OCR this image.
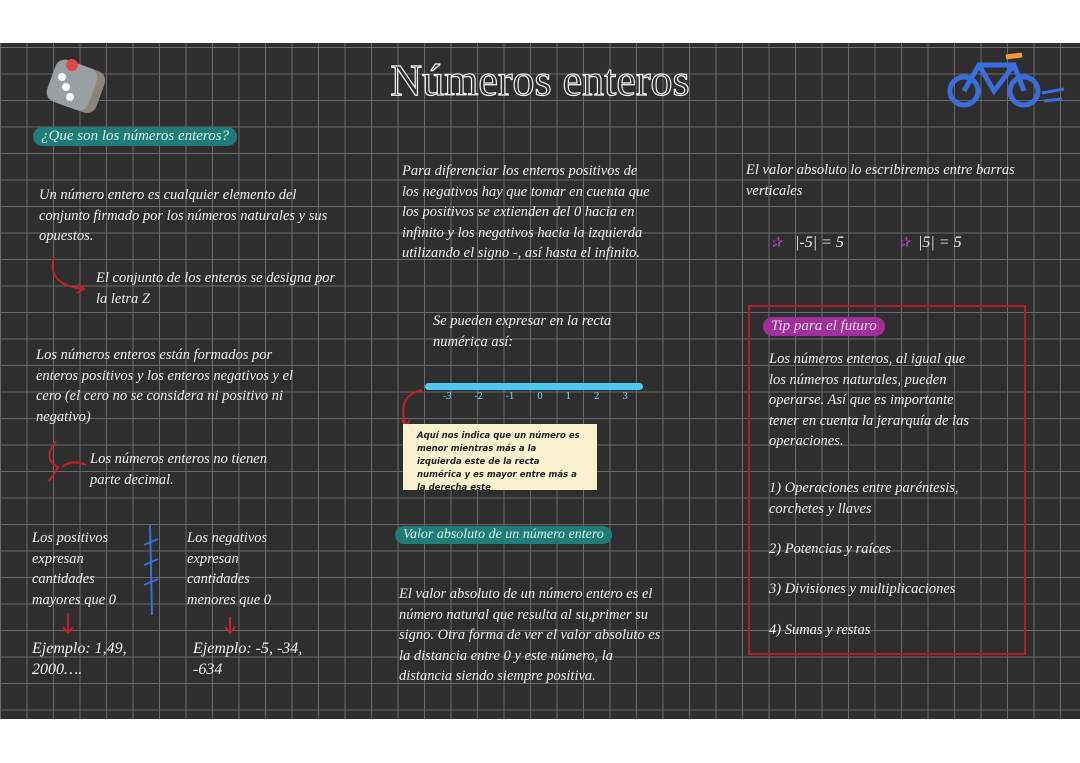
Números enteros
¿Que son los números enteros?
Un número entero es cualquier elemento del conjunto firmado por los números naturales y sus opuestos.
El conjunto de los enteros se designa por la letra Z
Los números enteros están formados por enteros positivos y los enteros negativos y el cero (el cero no se considera ni positivo ni negativo)
Los números enteros no tienen parte decimal.
Los positivos expresan cantidades mayores que 0
Los negativos expresan cantidades menores que 0
Ejemplo: 1,49, 2000….
Ejemplo: -5, -34, -634
Para diferenciar los enteros positivos de los negativos hay que tomar en cuenta que los positivos se extienden del 0 hacia en infinito y los negativos hacia la izquierda utilizando el signo -, así hasta el infinito.
Se pueden expresar en la recta numérica así:
-3	-2	-1	0	1	2	3
Aquí nos indica que un número es menor mientras más a la izquierda este de la recta numérica y es mayor entre más a la derecha este
Valor absoluto de un número entero
El valor absoluto de un número entero es el número natural que resulta al su,primer su signo. Otra forma de ver el valor absoluto es la distancia entre 0 y este número, la distancia siendo siempre positiva.
El valor absoluto lo escribiremos entre barras verticales
✰ |-5| = 5	✰ |5| = 5
Tip para el futuro
Los números enteros, al igual que los números naturales, pueden operarse. Así que es importante tener en cuenta la jerarquía de las operaciones.
1) Operaciones entre paréntesis, corchetes y llaves
2) Potencias y raíces
3) Divisiones y multiplicaciones
4) Sumas y restas
